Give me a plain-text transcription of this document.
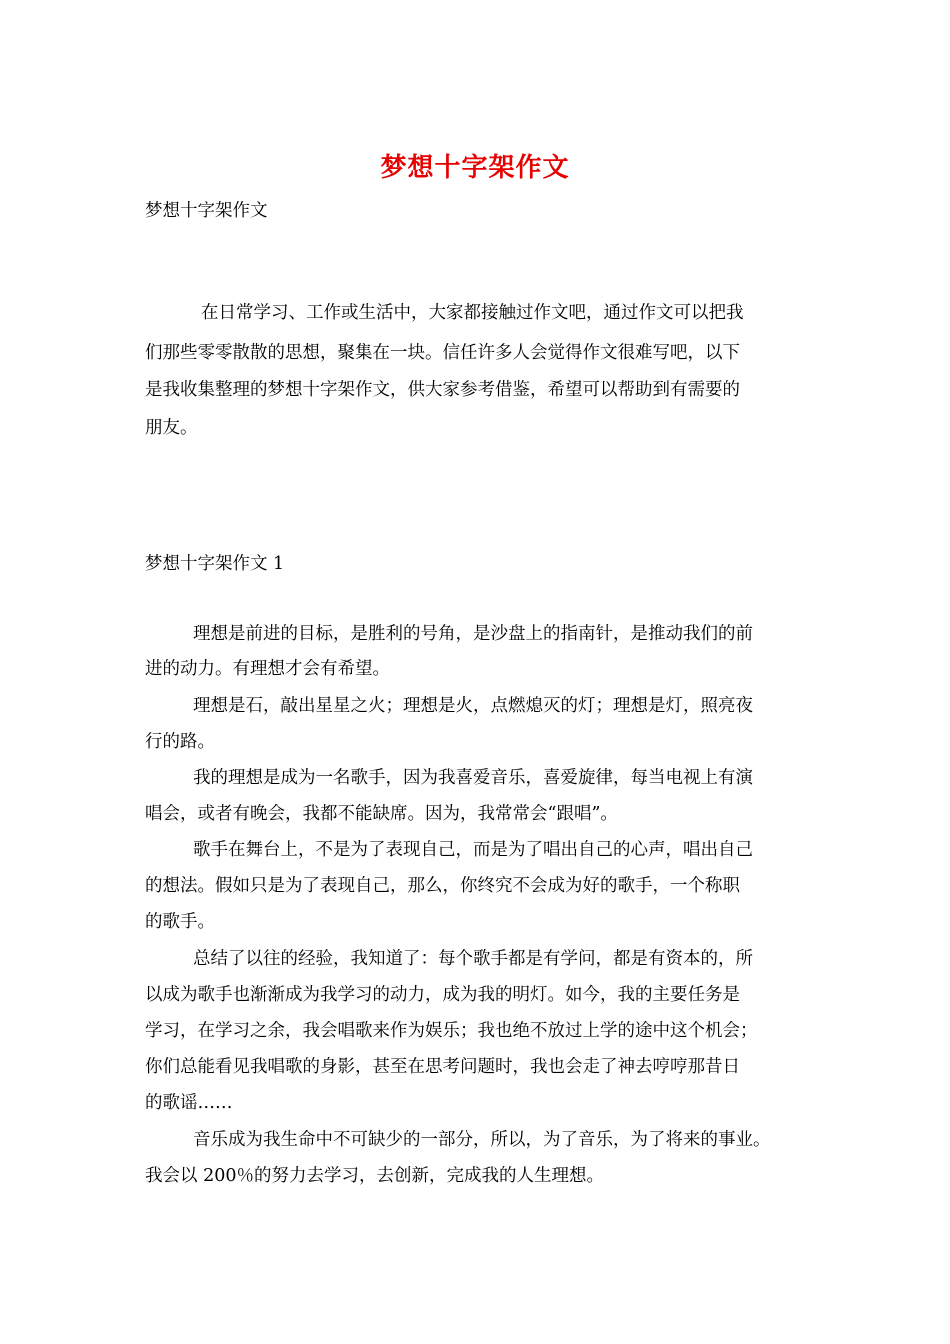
梦想十字架作文
梦想十字架作文
在日常学习、工作或生活中，大家都接触过作文吧，通过作文可以把我
们那些零零散散的思想，聚集在一块。信任许多人会觉得作文很难写吧，以下
是我收集整理的梦想十字架作文，供大家参考借鉴，希望可以帮助到有需要的
朋友。
梦想十字架作文 1
理想是前进的目标，是胜利的号角，是沙盘上的指南针，是推动我们的前
进的动力。有理想才会有希望。
理想是石，敲出星星之火；理想是火，点燃熄灭的灯；理想是灯，照亮夜
行的路。
我的理想是成为一名歌手，因为我喜爱音乐，喜爱旋律，每当电视上有演
唱会，或者有晚会，我都不能缺席。因为，我常常会“跟唱”。
歌手在舞台上，不是为了表现自己，而是为了唱出自己的心声，唱出自己
的想法。假如只是为了表现自己，那么，你终究不会成为好的歌手，一个称职
的歌手。
总结了以往的经验，我知道了：每个歌手都是有学问，都是有资本的，所
以成为歌手也渐渐成为我学习的动力，成为我的明灯。如今，我的主要任务是
学习，在学习之余，我会唱歌来作为娱乐；我也绝不放过上学的途中这个机会；
你们总能看见我唱歌的身影，甚至在思考问题时，我也会走了神去哼哼那昔日
的歌谣……
音乐成为我生命中不可缺少的一部分，所以，为了音乐，为了将来的事业。
我会以 200％的努力去学习，去创新，完成我的人生理想。
